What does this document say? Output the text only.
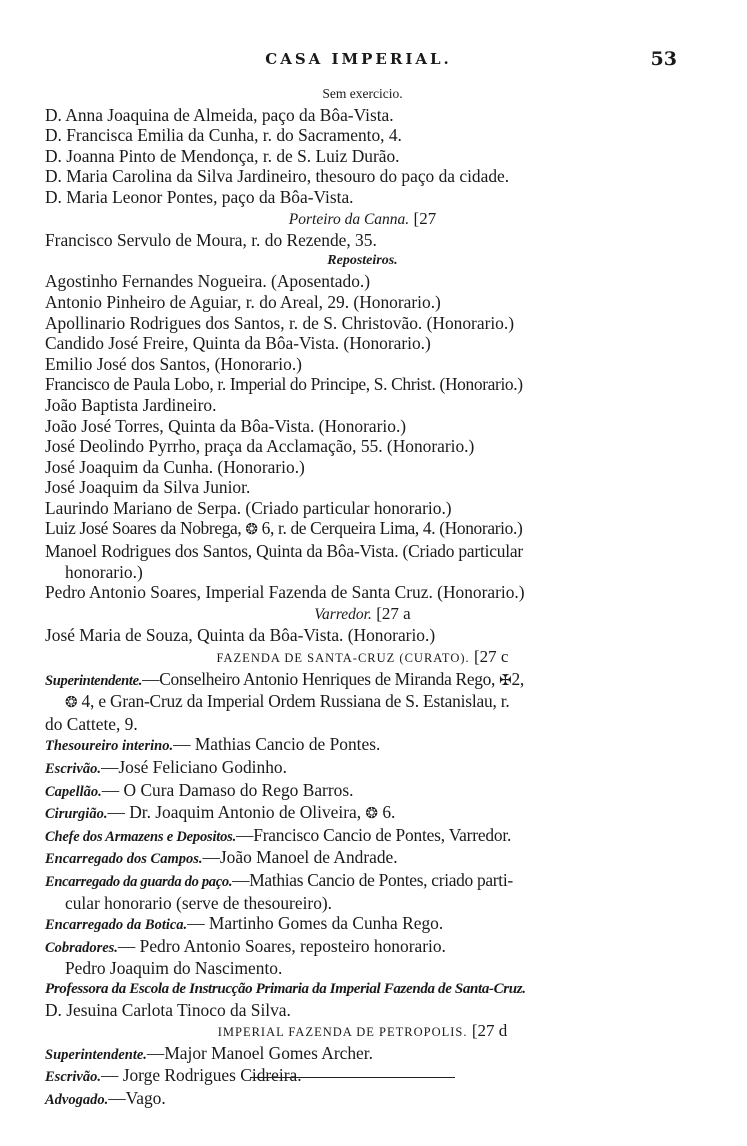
CASA IMPERIAL.	53
Sem exercicio.
D. Anna Joaquina de Almeida, paço da Bôa-Vista.
D. Francisca Emilia da Cunha, r. do Sacramento, 4.
D. Joanna Pinto de Mendonça, r. de S. Luiz Durão.
D. Maria Carolina da Silva Jardineiro, thesouro do paço da cidade.
D. Maria Leonor Pontes, paço da Bôa-Vista.
Porteiro da Canna. [27
Francisco Servulo de Moura, r. do Rezende, 35.
Reposteiros.
Agostinho Fernandes Nogueira. (Aposentado.)
Antonio Pinheiro de Aguiar, r. do Areal, 29. (Honorario.)
Apollinario Rodrigues dos Santos, r. de S. Christovão. (Honorario.)
Candido José Freire, Quinta da Bôa-Vista. (Honorario.)
Emilio José dos Santos, (Honorario.)
Francisco de Paula Lobo, r. Imperial do Principe, S. Christ. (Honorario.)
João Baptista Jardineiro.
João José Torres, Quinta da Bôa-Vista. (Honorario.)
José Deolindo Pyrrho, praça da Acclamação, 55. (Honorario.)
José Joaquim da Cunha. (Honorario.)
José Joaquim da Silva Junior.
Laurindo Mariano de Serpa. (Criado particular honorario.)
Luiz José Soares da Nobrega, ❂ 6, r. de Cerqueira Lima, 4. (Honorario.)
Manoel Rodrigues dos Santos, Quinta da Bôa-Vista. (Criado particular
honorario.)
Pedro Antonio Soares, Imperial Fazenda de Santa Cruz. (Honorario.)
Varredor. [27 a
José Maria de Souza, Quinta da Bôa-Vista. (Honorario.)
FAZENDA DE SANTA-CRUZ (CURATO). [27 c
Superintendente.—Conselheiro Antonio Henriques de Miranda Rego, ✠2,
❂ 4, e Gran-Cruz da Imperial Ordem Russiana de S. Estanislau, r.
do Cattete, 9.
Thesoureiro interino.— Mathias Cancio de Pontes.
Escrivão.—José Feliciano Godinho.
Capellão.— O Cura Damaso do Rego Barros.
Cirurgião.— Dr. Joaquim Antonio de Oliveira, ❂ 6.
Chefe dos Armazens e Depositos.—Francisco Cancio de Pontes, Varredor.
Encarregado dos Campos.—João Manoel de Andrade.
Encarregado da guarda do paço.—Mathias Cancio de Pontes, criado parti-
cular honorario (serve de thesoureiro).
Encarregado da Botica.— Martinho Gomes da Cunha Rego.
Cobradores.— Pedro Antonio Soares, reposteiro honorario.
Pedro Joaquim do Nascimento.
Professora da Escola de Instrucção Primaria da Imperial Fazenda de Santa-Cruz.
D. Jesuina Carlota Tinoco da Silva.
IMPERIAL FAZENDA DE PETROPOLIS. [27 d
Superintendente.—Major Manoel Gomes Archer.
Escrivão.— Jorge Rodrigues Cidreira.
Advogado.—Vago.
